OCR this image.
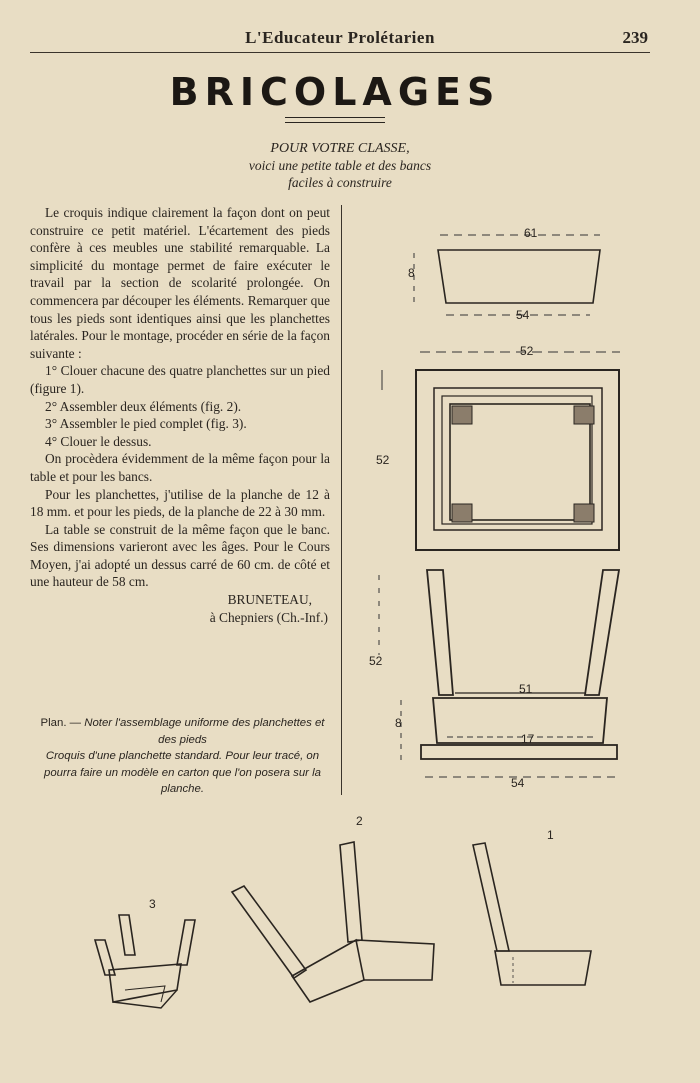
L'Educateur Prolétarien	239
BRICOLAGES
POUR VOTRE CLASSE,
voici une petite table et des bancs
faciles à construire

Le croquis indique clairement la façon dont on peut construire ce petit matériel. L'écartement des pieds confère à ces meubles une stabilité remarquable. La simplicité du montage permet de faire exécuter le travail par la section de scolarité prolongée. On commencera par découper les éléments. Remarquer que tous les pieds sont identiques ainsi que les planchettes latérales. Pour le montage, procéder en série de la façon suivante :

1° Clouer chacune des quatre planchettes sur un pied (figure 1).

2° Assembler deux éléments (fig. 2).

3° Assembler le pied complet (fig. 3).

4° Clouer le dessus.

On procèdera évidemment de la même façon pour la table et pour les bancs.

Pour les planchettes, j'utilise de la planche de 12 à 18 mm. et pour les pieds, de la planche de 22 à 30 mm.

La table se construit de la même façon que le banc. Ses dimensions varieront avec les âges. Pour le Cours Moyen, j'ai adopté un dessus carré de 60 cm. de côté et une hauteur de 58 cm.

BRUNETEAU,
à Chepniers (Ch.-Inf.)
Plan. — Noter l'assemblage uniforme des planchettes et des pieds
Croquis d'une planchette standard. Pour leur tracé, on pourra faire un modèle en carton que l'on posera sur la planche.
61
8
54
52
52
51
17
52
8
54
3
2
1
